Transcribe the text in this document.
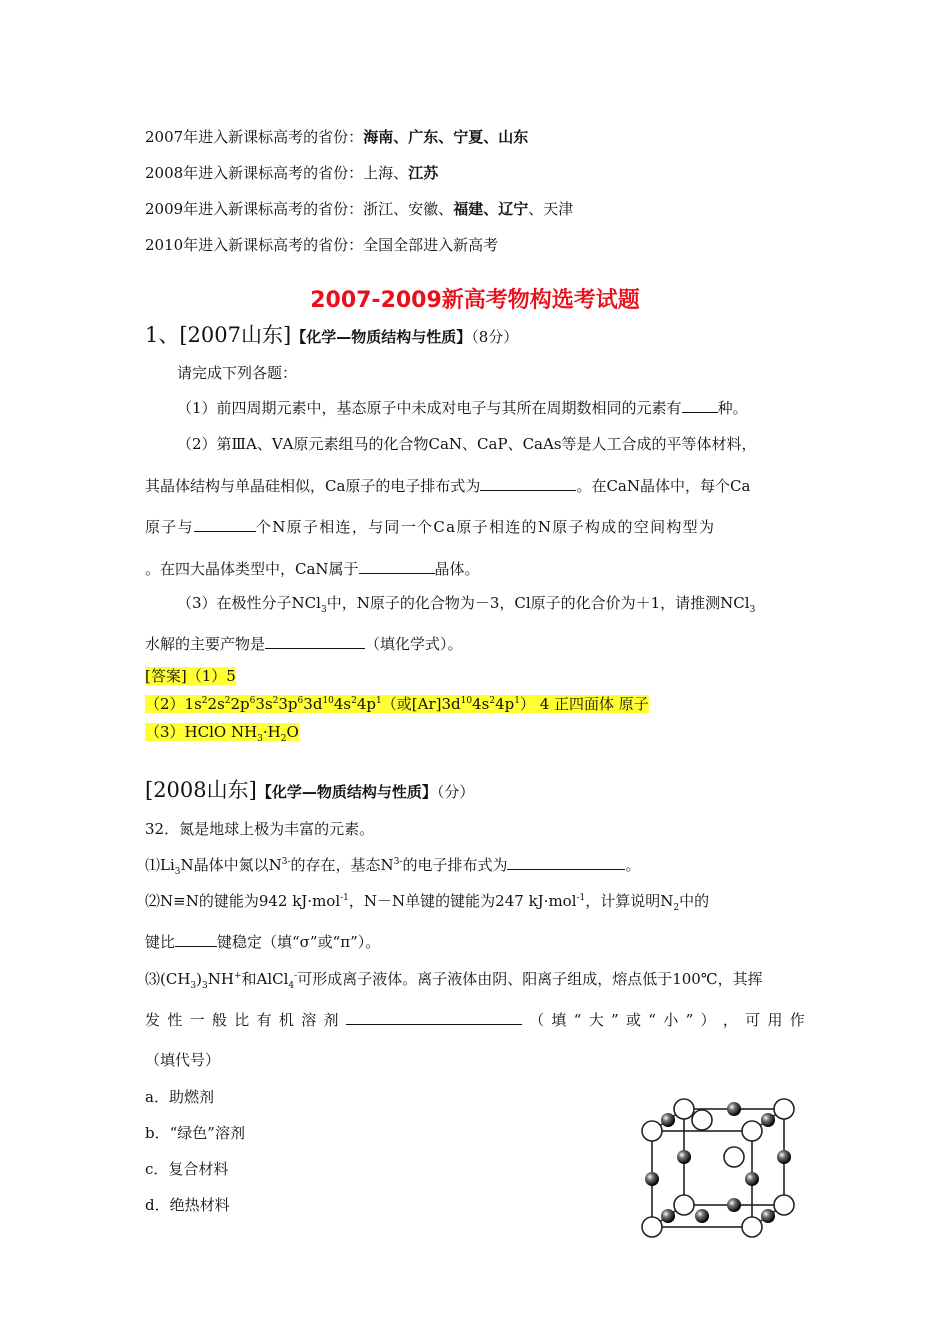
2007年进入新课标高考的省份：海南、广东、宁夏、山东
2008年进入新课标高考的省份：上海、江苏
2009年进入新课标高考的省份：浙江、安徽、福建、辽宁、天津
2010年进入新课标高考的省份：全国全部进入新高考
2007-2009新高考物构选考试题
1、[2007山东]【化学—物质结构与性质】（8分）
请完成下列各题：
（1）前四周期元素中，基态原子中未成对电子与其所在周期数相同的元素有 种。
（2）第ⅢA、ⅤA原元素组马的化合物CaN、CaP、CaAs等是人工合成的平等体材料，
其晶体结构与单晶硅相似，Ca原子的电子排布式为	。在CaN晶体中，每个Ca
原子与	个N原子相连，与同一个Ca原子相连的N原子构成的空间构型为
。在四大晶体类型中，CaN属于	晶体。
（3）在极性分子NCl$_3$中，N原子的化合物为－3，Cl原子的化合价为＋1，请推测NCl$_3$
水解的主要产物是	（填化学式）。
[答案]（1）5
$(2)1s^22s^22p^63s^23p^63d^{10}4s^24p^1$（或$[Ar]3d^{10}4s^24p^1$） 4 正四面体 原子
（3）HClO $NH_3\cdot H_2O$
[2008山东]【化学—物质结构与性质】（分）
32．氮是地球上极为丰富的元素。
$⑴Li_3N$晶体中氮以$N^{3-}$的存在，基态$N^{3-}$的电子排布式为	。
⑵N≡N的键能为942 kJ·mol$^{-1}$，N－N单键的键能为247 kJ·mol$^{-1}$，计算说明$N_2$中的
键比	键稳定（填“σ”或“π”）。
$⑶(CH_3)_3NH^+$和AlCl$_4$-可形成离子液体。离子液体由阴、阳离子组成，熔点低于100℃，其挥
发 性 一 般 比 有 机 溶 剂	（ 填 “ 大 ” 或 “ 小 ” ） ， 可 用 作
（填代号）
a．助燃剂
b．“绿色”溶剂
c．复合材料
d．绝热材料
